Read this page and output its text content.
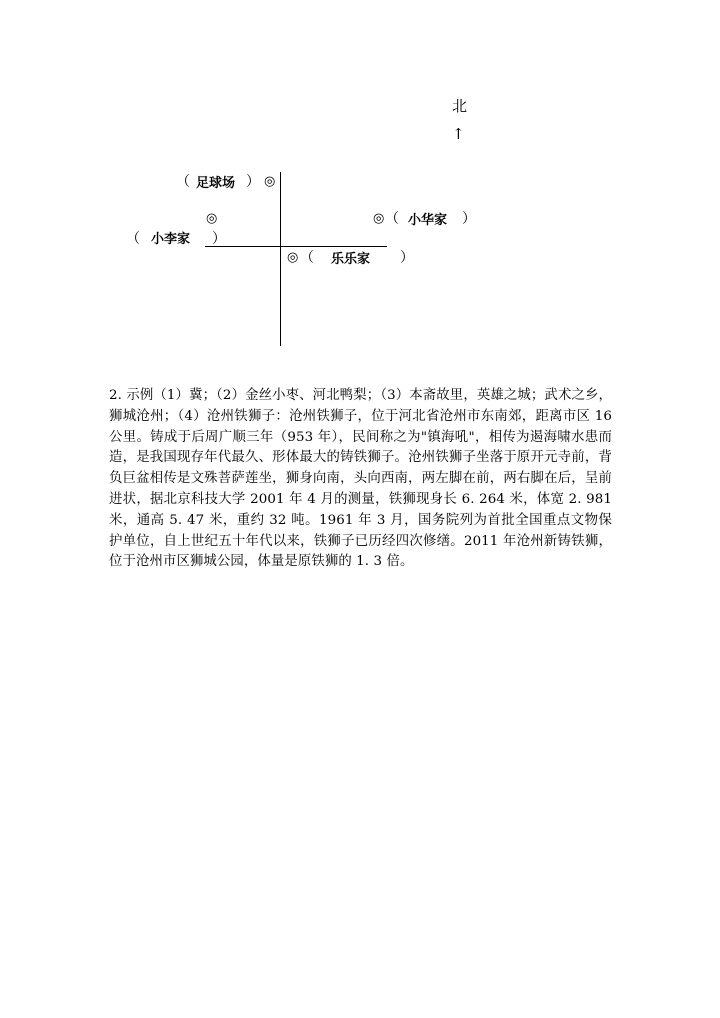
北
↑
（ 足球场 ） ◎
◎
（ 小李家 ）
◎ （ 小华家 ）
◎ （ 乐乐家 ）
2. 示例（1）冀；（2）金丝小枣、河北鸭梨；（3）本斋故里，英雄之城；武术之乡，狮城沧州；（4）沧州铁狮子：沧州铁狮子，位于河北省沧州市东南郊，距离市区 16 公里。铸成于后周广顺三年（953 年），民间称之为"镇海吼"，相传为遏海啸水患而造，是我国现存年代最久、形体最大的铸铁狮子。沧州铁狮子坐落于原开元寺前，背负巨盆相传是文殊菩萨莲坐，狮身向南，头向西南，两左脚在前，两右脚在后，呈前进状，据北京科技大学 2001 年 4 月的测量，铁狮现身长 6. 264 米，体宽 2. 981 米，通高 5. 47 米，重约 32 吨。1961 年 3 月，国务院列为首批全国重点文物保护单位，自上世纪五十年代以来，铁狮子已历经四次修缮。2011 年沧州新铸铁狮，位于沧州市区狮城公园，体量是原铁狮的 1. 3 倍。
